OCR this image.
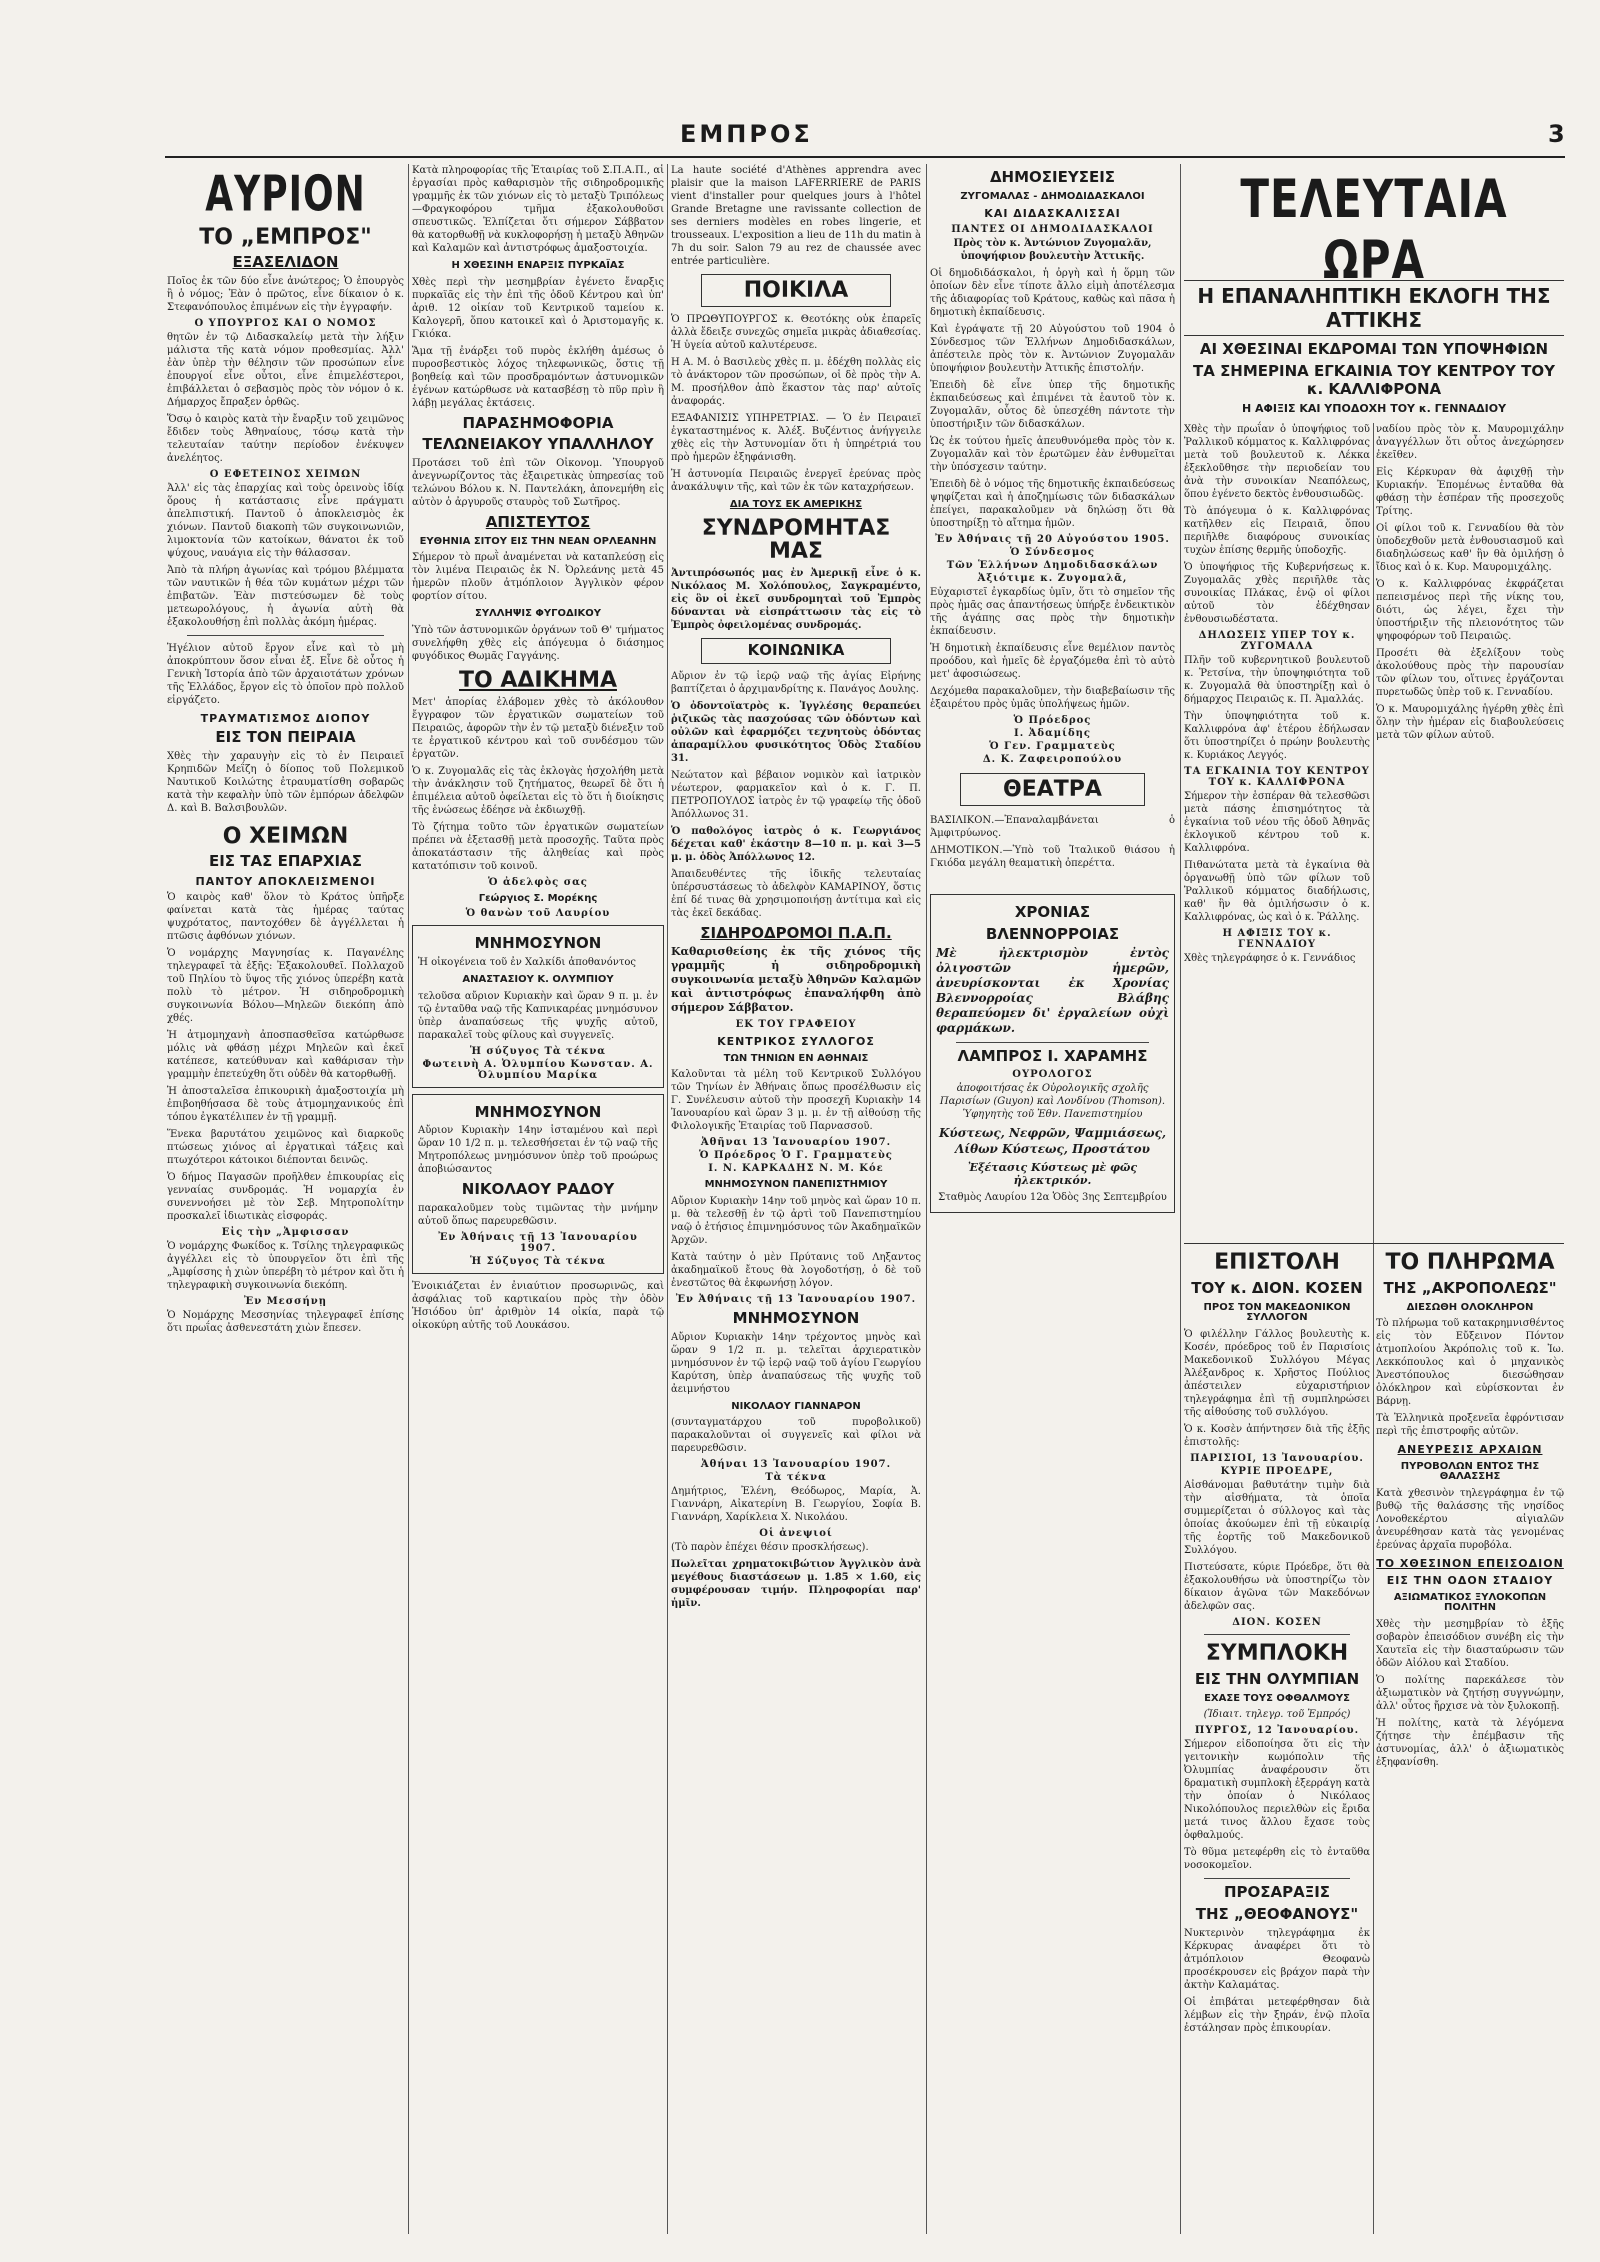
ΕΜΠΡΟΣ	3
ΑΥΡΙΟΝ
ΤΟ „ΕΜΠΡΟΣ"
ΕΞΑΣΕΛΙΔΟΝ

Ποῖος ἐκ τῶν δύο εἶνε ἀνώτερος; Ὁ ἐπουργὸς ἢ ὁ νόμος; Ἐὰν ὁ πρῶτος, εἶνε δίκαιον ὁ κ. Στεφανόπουλος ἐπιμένων εἰς τὴν ἐγγραφήν.

Ο ΥΠΟΥΡΓΟΣ ΚΑΙ Ο ΝΟΜΟΣ

θητῶν ἐν τῷ Διδασκαλείῳ μετὰ τὴν λήξιν μάλιστα τῆς κατὰ νόμον προθεσμίας. Ἀλλ' ἐὰν ὑπὲρ τὴν θέλησιν τῶν προσώπων εἶνε ἐπουργοί εἶνε οὗτοι, εἶνε ἐπιμελέστεροι, ἐπιβάλλεται ὁ σεβασμὸς πρὸς τὸν νόμον ὁ κ. Δήμαρχος ἔπραξεν ὀρθῶς.

Ὅσῳ ὁ καιρὸς κατὰ τὴν ἔναρξιν τοῦ χειμῶνος ἔδιδεν τοὺς Ἀθηναίους, τόσῳ κατὰ τὴν τελευταίαν ταύτην περίοδον ἐνέκυψεν ἀνελέητος.

Ο ΕΦΕΤΕΙΝΟΣ ΧΕΙΜΩΝ

Ἀλλ' εἰς τὰς ἐπαρχίας καὶ τοὺς ὀρεινοὺς ἰδίᾳ ὅρους ἡ κατάστασις εἶνε πράγματι ἀπελπιστική. Παντοῦ ὁ ἀποκλεισμὸς ἐκ χιόνων. Παντοῦ διακοπὴ τῶν συγκοινωνιῶν, λιμοκτονία τῶν κατοίκων, θάνατοι ἐκ τοῦ ψύχους, ναυάγια εἰς τὴν θάλασσαν.

Ἀπὸ τὰ πλήρη ἀγωνίας καὶ τρόμου βλέμματα τῶν ναυτικῶν ἡ θέα τῶν κυμάτων μέχρι τῶν ἐπιβατῶν. Ἐὰν πιστεύσωμεν δὲ τοὺς μετεωρολόγους, ἡ ἀγωνία αὐτὴ θὰ ἐξακολουθήσῃ ἐπὶ πολλὰς ἀκόμη ἡμέρας.

Ἡγέλιον αὐτοῦ ἔργον εἶνε καὶ τὸ μὴ ἀποκρύπτουν ὅσον εἶναι ἐξ. Εἶνε δὲ οὗτος ἡ Γενικὴ Ἱστορία ἀπὸ τῶν ἀρχαιοτάτων χρόνων τῆς Ἑλλάδος, ἔργον εἰς τὸ ὁποῖον πρὸ πολλοῦ εἰργάζετο.

ΤΡΑΥΜΑΤΙΣΜΟΣ ΔΙΟΠΟΥ
ΕΙΣ ΤΟΝ ΠΕΙΡΑΙΑ

Χθὲς τὴν χαραυγὴν εἰς τὸ ἐν Πειραιεῖ Κρηπιδῶν Μεΐζη ὁ δίοπος τοῦ Πολεμικοῦ Ναυτικοῦ Κοιλώτης ἐτραυματίσθη σοβαρῶς κατὰ τὴν κεφαλὴν ὑπὸ τῶν ἐμπόρων ἀδελφῶν Δ. καὶ Β. Βαλσιβουλῶν.

Ο ΧΕΙΜΩΝ
ΕΙΣ ΤΑΣ ΕΠΑΡΧΙΑΣ
ΠΑΝΤΟΥ ΑΠΟΚΛΕΙΣΜΕΝΟΙ

Ὁ καιρὸς καθ' ὅλον τὸ Κράτος ὑπῆρξε φαίνεται κατὰ τὰς ἡμέρας ταύτας ψυχρότατος, παντοχόθεν δὲ ἀγγέλλεται ἡ πτῶσις ἀφθόνων χιόνων.

Ὁ νομάρχης Μαγνησίας κ. Παγανέλης τηλεγραφεῖ τὰ ἑξῆς: Ἐξακολουθεῖ. Πολλαχοῦ τοῦ Πηλίου τὸ ὕψος τῆς χιόνος ὑπερέβη κατὰ πολὺ τὸ μέτρον. Ἡ σιδηροδρομικὴ συγκοινωνία Βόλου—Μηλεῶν διεκόπη ἀπὸ χθές.

Ἡ ἀτμομηχανὴ ἀποσπασθεῖσα κατώρθωσε μόλις νὰ φθάσῃ μέχρι Μηλεῶν καὶ ἐκεῖ κατέπεσε, κατεύθυναν καὶ καθάρισαν τὴν γραμμὴν ἐπετεύχθη ὅτι οὐδὲν θὰ κατορθωθῇ.

Ἡ ἀποσταλεῖσα ἐπικουρικὴ ἀμαξοστοιχία μὴ ἐπιβοηθήσασα δὲ τοὺς ἀτμομηχανικούς ἐπὶ τόπου ἐγκατέλιπεν ἐν τῇ γραμμῇ.

Ἕνεκα βαρυτάτου χειμῶνος καὶ διαρκοῦς πτώσεως χιόνος αἱ ἐργατικαὶ τάξεις καὶ πτωχότεροι κάτοικοι διέπονται δεινῶς.

Ὁ δήμος Παγασῶν προῆλθεν ἐπικουρίας εἰς γενναίας συνδρομάς. Ἡ νομαρχία ἐν συνεννοήσει μὲ τὸν Σεβ. Μητροπολίτην προσκαλεῖ ἰδιωτικὰς εἰσφοράς.

Εἰς τὴν „Ἀμφισσαν

Ὁ νομάρχης Φωκίδος κ. Τσίλης τηλεγραφικῶς ἀγγέλλει εἰς τὸ ὑπουργεῖον ὅτι ἐπὶ τῆς „Ἀμφίσσης ἡ χιὼν ὑπερέβη τὸ μέτρον καὶ ὅτι ἡ τηλεγραφικὴ συγκοινωνία διεκόπη.

Ἐν Μεσσήνῃ

Ὁ Νομάρχης Μεσσηνίας τηλεγραφεῖ ἐπίσης ὅτι πρωΐας ἀσθενεστάτη χιὼν ἔπεσεν.

Κατὰ πληροφορίας τῆς Ἑταιρίας τοῦ Σ.Π.Α.Π., αἱ ἐργασίαι πρὸς καθαρισμὸν τῆς σιδηροδρομικῆς γραμμῆς ἐκ τῶν χιόνων εἰς τὸ μεταξὺ Τριπόλεως—Φραγκοφόρου τμῆμα ἐξακολουθοῦσι σπευστικῶς. Ἐλπίζεται ὅτι σήμερον Σάββατον θὰ κατορθωθῇ νὰ κυκλοφορήσῃ ἡ μεταξὺ Ἀθηνῶν καὶ Καλαμῶν καὶ ἀντιστρόφως ἀμαξοστοιχία.

Η ΧΘΕΣΙΝΗ ΕΝΑΡΞΙΣ ΠΥΡΚΑΪΑΣ

Χθὲς περὶ τὴν μεσημβρίαν ἐγένετο ἔναρξις πυρκαϊᾶς εἰς τὴν ἐπὶ τῆς ὁδοῦ Κέντρου καὶ ὑπ' ἀριθ. 12 οἰκίαν τοῦ Κεντρικοῦ ταμείου κ. Καλογερῆ, ὅπου κατοικεῖ καὶ ὁ Ἀριστομαγῆς κ. Γκιόκα.

Ἅμα τῇ ἐνάρξει τοῦ πυρὸς ἐκλήθη ἀμέσως ὁ πυροσβεστικὸς λόχος τηλεφωνικῶς, ὅστις τῇ βοηθείᾳ καὶ τῶν προσδραμόντων ἀστυνομικῶν ἐγένων κατώρθωσε νὰ κατασβέσῃ τὸ πῦρ πρὶν ἢ λάβῃ μεγάλας ἐκτάσεις.

ΠΑΡΑΣΗΜΟΦΟΡΙΑ
ΤΕΛΩΝΕΙΑΚΟΥ ΥΠΑΛΛΗΛΟΥ

Προτάσει τοῦ ἐπὶ τῶν Οἰκονομ. Ὑπουργοῦ ἀνεγνωρίζοντος τὰς ἐξαιρετικὰς ὑπηρεσίας τοῦ τελώνου Βόλου κ. Ν. Παντελάκη, ἀπονεμήθη εἰς αὐτὸν ὁ ἀργυροῦς σταυρὸς τοῦ Σωτῆρος.

ΑΠΙΣΤΕΥΤΟΣ
ΕΥΘΗΝΙΑ ΣΙΤΟΥ ΕΙΣ ΤΗΝ ΝΕΑΝ ΟΡΛΕΑΝΗΝ

Σήμερον τὸ πρωῒ ἀναμένεται νὰ καταπλεύσῃ εἰς τὸν λιμένα Πειραιῶς ἐκ Ν. Ὀρλεάνης μετὰ 45 ἡμερῶν πλοῦν ἀτμόπλοιον Ἀγγλικὸν φέρον φορτίον σίτου.

ΣΥΛΛΗΨΙΣ ΦΥΓΟΔΙΚΟΥ

Ὑπὸ τῶν ἀστυνομικῶν ὀργάνων τοῦ Θ' τμήματος συνελήφθη χθὲς εἰς ἀπόγευμα ὁ διάσημος φυγόδικος Θωμᾶς Γαγγάνης.

ΤΟ ΑΔΙΚΗΜΑ

Μετ' ἀπορίας ἐλάβομεν χθὲς τὸ ἀκόλουθον ἔγγραφον τῶν ἐργατικῶν σωματείων τοῦ Πειραιῶς, ἀφορῶν τὴν ἐν τῷ μεταξὺ διένεξιν τοῦ τε ἐργατικοῦ κέντρου καὶ τοῦ συνδέσμου τῶν ἐργατῶν.

Ὁ κ. Ζυγομαλᾶς εἰς τὰς ἐκλογὰς ἡσχολήθη μετὰ τὴν ἀνάκλησιν τοῦ ζητήματος, θεωρεῖ δὲ ὅτι ἡ ἐπιμέλεια αὐτοῦ ὀφείλεται εἰς τὸ ὅτι ἡ διοίκησις τῆς ἑνώσεως ἐδέησε νὰ ἐκδιωχθῇ.

Τὸ ζήτημα τοῦτο τῶν ἐργατικῶν σωματείων πρέπει νὰ ἐξετασθῇ μετὰ προσοχῆς. Ταῦτα πρὸς ἀποκατάστασιν τῆς ἀληθείας καὶ πρὸς κατατόπισιν τοῦ κοινοῦ.

Ὁ ἀδελφὸς σας
Γεώργιος Σ. Μορέκης
Ὁ θανὼν τοῦ Λαυρίου
ΜΝΗΜΟΣΥΝΟΝ

Ἡ οἰκογένεια τοῦ ἐν Χαλκίδι ἀποθανόντος

ΑΝΑΣΤΑΣΙΟΥ Κ. ΟΛΥΜΠΙΟΥ

τελοῦσα αὔριον Κυριακὴν καὶ ὥραν 9 π. μ. ἐν τῷ ἐνταῦθα ναῷ τῆς Καπνικαρέας μνημόσυνον ὑπὲρ ἀναπαύσεως τῆς ψυχῆς αὐτοῦ, παρακαλεῖ τοὺς φίλους καὶ συγγενεῖς.

Ἡ σύζυγος Τὰ τέκνα
Φωτεινὴ Α. Ὀλυμπίου Κωνσταν. Α. Ὀλυμπίου Μαρίκα
ΜΝΗΜΟΣΥΝΟΝ

Αὔριον Κυριακὴν 14ην ἱσταμένου καὶ περὶ ὥραν 10 1/2 π. μ. τελεσθήσεται ἐν τῷ ναῷ τῆς Μητροπόλεως μνημόσυνον ὑπὲρ τοῦ προώρως ἀποβιώσαντος

ΝΙΚΟΛΑΟΥ ΡΑΔΟΥ

παρακαλοῦμεν τοὺς τιμῶντας τὴν μνήμην αὐτοῦ ὅπως παρευρεθῶσιν.

Ἐν Ἀθήναις τῇ 13 Ἰανουαρίου 1907.
Ἡ Σύζυγος Τὰ τέκνα

Ἐνοικιάζεται ἐν ἐνιαύτιον προσωρινῶς, καὶ ἀσφάλιας τοῦ καρτικαίου πρὸς τὴν ὁδὸν Ἡσιόδου ὑπ' ἀριθμὸν 14 οἰκία, παρὰ τῷ οἰκοκύρη αὐτῆς τοῦ Λουκάσου.

La haute société d'Athènes apprendra avec plaisir que la maison LAFERRIERE de PARIS vient d'installer pour quelques jours à l'hôtel Grande Bretagne une ravissante collection de ses derniers modèles en robes lingerie, et trousseaux. L'exposition a lieu de 11h du matin à 7h du soir. Salon 79 au rez de chaussée avec entrée particulière.

ΠΟΙΚΙΛΑ

Ὁ ΠΡΩΘΥΠΟΥΡΓΟΣ κ. Θεοτόκης οὐκ ἐπαρεῖς ἀλλὰ ἔδειξε συνεχῶς σημεῖα μικρὰς ἀδιαθεσίας. Ἡ ὑγεία αὐτοῦ καλυτέρευσε.

Η Α. Μ. ὁ Βασιλεὺς χθὲς π. μ. ἐδέχθη πολλὰς εἰς τὸ ἀνάκτορον τῶν προσώπων, οἱ δὲ πρὸς τὴν Α. Μ. προσήλθον ἀπὸ ἕκαστον τὰς παρ' αὐτοῖς ἀναφοράς.

ΕΞΑΦΑΝΙΣΙΣ ΥΠΗΡΕΤΡΙΑΣ. — Ὁ ἐν Πειραιεῖ ἐγκαταστημένος κ. Ἀλέξ. Βυζέντιος ἀνήγγειλε χθὲς εἰς τὴν Ἀστυνομίαν ὅτι ἡ ὑπηρέτριά του πρὸ ἡμερῶν ἐξηφάνισθη.

Ἡ ἀστυνομία Πειραιῶς ἐνεργεῖ ἐρεύνας πρὸς ἀνακάλυψιν τῆς, καὶ τῶν ἐκ τῶν καταχρήσεων.

ΔΙΑ ΤΟΥΣ ΕΚ ΑΜΕΡΙΚΗΣ
ΣΥΝΔΡΟΜΗΤΑΣ ΜΑΣ

Ἀντιπρόσωπός μας ἐν Ἀμερικῇ εἶνε ὁ κ. Νικόλαος Μ. Χολόπουλος, Σαγκραμέντο, εἰς ὃν οἱ ἐκεῖ συνδρομηταὶ τοῦ Ἐμπρὸς δύνανται νὰ εἰσπράττωσιν τὰς εἰς τὸ Ἐμπρὸς ὀφειλομένας συνδρομάς.

ΚΟΙΝΩΝΙΚΑ

Αὔριον ἐν τῷ ἱερῷ ναῷ τῆς ἁγίας Εἰρήνης βαπτίζεται ὁ ἀρχιμανδρίτης κ. Πανάγος Δουλης.

Ὁ ὀδοντοϊατρὸς κ. Ἰγγλέσης θεραπεύει ῥιζικῶς τὰς πασχούσας τῶν ὀδόντων καὶ οὐλῶν καὶ ἐφαρμόζει τεχνητοὺς ὀδόντας ἀπαραμίλλου φυσικότητος Ὁδὸς Σταδίου 31.

Νεώτατον καὶ βέβαιον νομικὸν καὶ ἰατρικὸν νέωτερον, φαρμακεῖον καὶ ὁ κ. Γ. Π. ΠΕΤΡΟΠΟΥΛΟΣ ἰατρὸς ἐν τῷ γραφείῳ τῆς ὁδοῦ Ἀπόλλωνος 31.

Ὁ παθολόγος ἰατρὸς ὁ κ. Γεωργιάνος δέχεται καθ' ἑκάστην 8—10 π. μ. καὶ 3—5 μ. μ. ὁδὸς Ἀπόλλωνος 12.

Ἀπαιδευθέντες τῆς ἰδικῆς τελευταίας ὑπέρσυστάσεως τὸ ἀδελφὸν ΚΑΜΑΡΙΝΟΥ, ὅστις ἐπί δέ τινας θὰ χρησιμοποιήσῃ ἀντίτιμα καὶ εἰς τὰς ἐκεῖ δεκάδας.

ΣΙΔΗΡΟΔΡΟΜΟΙ Π.Α.Π.

Καθαρισθείσης ἐκ τῆς χιόνος τῆς γραμμῆς ἡ σιδηροδρομικὴ συγκοινωνία μεταξὺ Ἀθηνῶν Καλαμῶν καὶ ἀντιστρόφως ἐπαναλήφθη ἀπὸ σήμερον Σάββατον.

ΕΚ ΤΟΥ ΓΡΑΦΕΙΟΥ
ΚΕΝΤΡΙΚΟΣ ΣΥΛΛΟΓΟΣ
ΤΩΝ ΤΗΝΙΩΝ ΕΝ ΑΘΗΝΑΙΣ

Καλοῦνται τὰ μέλη τοῦ Κεντρικοῦ Συλλόγου τῶν Τηνίων ἐν Ἀθήναις ὅπως προσέλθωσιν εἰς Γ. Συνέλευσιν αὐτοῦ τὴν προσεχῆ Κυριακὴν 14 Ἰανουαρίου καὶ ὥραν 3 μ. μ. ἐν τῇ αἰθούσῃ τῆς Φιλολογικῆς Ἑταιρίας τοῦ Παρνασσοῦ.

Ἀθῆναι 13 Ἰανουαρίου 1907.
Ὁ Πρόεδρος Ὁ Γ. Γραμματεὺς
Ι. Ν. ΚΑΡΚΑΔΗΣ Ν. Μ. Κόε
ΜΝΗΜΟΣΥΝΟΝ ΠΑΝΕΠΙΣΤΗΜΙΟΥ

Αὔριον Κυριακὴν 14ην τοῦ μηνὸς καὶ ὥραν 10 π. μ. θὰ τελεσθῇ ἐν τῷ ἀρτὶ τοῦ Πανεπιστημίου ναῷ ὁ ἐτήσιος ἐπιμνημόσυνος τῶν Ἀκαδημαϊκῶν Ἀρχῶν.

Κατὰ ταύτην ὁ μὲν Πρύτανις τοῦ Ληξαντος ἀκαδημαϊκοῦ ἔτους θὰ λογοδοτήσῃ, ὁ δὲ τοῦ ἐνεστῶτος θὰ ἐκφωνήσῃ λόγον.

Ἐν Ἀθήναις τῇ 13 Ἰανουαρίου 1907.
ΜΝΗΜΟΣΥΝΟΝ

Αὔριον Κυριακὴν 14ην τρέχοντος μηνὸς καὶ ὥραν 9 1/2 π. μ. τελεῖται ἀρχιερατικὸν μνημόσυνον ἐν τῷ ἱερῷ ναῷ τοῦ ἁγίου Γεωργίου Καρύτση, ὑπὲρ ἀναπαύσεως τῆς ψυχῆς τοῦ ἀειμνήστου

ΝΙΚΟΛΑΟΥ ΓΙΑΝΝΑΡΟΝ

(συνταγματάρχου τοῦ πυροβολικοῦ) παρακαλοῦνται οἱ συγγενεῖς καὶ φίλοι νὰ παρευρεθῶσιν.

Ἀθήναι 13 Ἰανουαρίου 1907.
Τὰ τέκνα

Δημήτριος, Ἐλένη, Θεόδωρος, Μαρία, Ἀ. Γιαννάρη, Αἰκατερίνη Β. Γεωργίου, Σοφία Β. Γιαννάρη, Χαρίκλεια Χ. Νικολάου.

Οἱ ἀνεψιοί

(Τὸ παρὸν ἐπέχει θέσιν προσκλήσεως).

Πωλεῖται χρηματοκιβώτιον Ἀγγλικὸν ἀνὰ μεγέθους διαστάσεων μ. 1.85 × 1.60, εἰς συμφέρουσαν τιμήν. Πληροφορίαι παρ' ἡμῖν.

ΔΗΜΟΣΙΕΥΣΕΙΣ
ΖΥΓΟΜΑΛΑΣ - ΔΗΜΟΔΙΔΑΣΚΑΛΟΙ
ΚΑΙ ΔΙΔΑΣΚΑΛΙΣΣΑΙ
ΠΑΝΤΕΣ ΟΙ ΔΗΜΟΔΙΔΑΣΚΑΛΟΙ

Πρὸς τὸν κ. Ἀντώνιον Ζυγομαλᾶν, ὑποψήφιον βουλευτὴν Ἀττικῆς.

Οἱ δημοδιδάσκαλοι, ἡ ὀργὴ καὶ ἡ ὅρμη τῶν ὁποίων δὲν εἶνε τίποτε ἄλλο εἰμὴ ἀποτέλεσμα τῆς ἀδιαφορίας τοῦ Κράτους, καθὼς καὶ πᾶσα ἡ δημοτικὴ ἐκπαίδευσις.

Καὶ ἐγράψατε τῇ 20 Αὐγούστου τοῦ 1904 ὁ Σύνδεσμος τῶν Ἑλλήνων Δημοδιδασκάλων, ἀπέστειλε πρὸς τὸν κ. Ἀντώνιον Ζυγομαλᾶν ὑποψήφιον βουλευτὴν Ἀττικῆς ἐπιστολήν.

Ἐπειδὴ δὲ εἶνε ὑπερ τῆς δημοτικῆς ἐκπαιδεύσεως καὶ ἐπιμένει τὰ ἑαυτοῦ τὸν κ. Ζυγομαλᾶν, οὗτος δὲ ὑπεσχέθη πάντοτε τὴν ὑποστήριξιν τῶν διδασκάλων.

Ὡς ἐκ τούτου ἡμεῖς ἀπευθυνόμεθα πρὸς τὸν κ. Ζυγομαλᾶν καὶ τὸν ἐρωτῶμεν ἐὰν ἐνθυμεῖται τὴν ὑπόσχεσιν ταύτην.

Ἐπειδὴ δὲ ὁ νόμος τῆς δημοτικῆς ἐκπαιδεύσεως ψηφίζεται καὶ ἡ ἀποζημίωσις τῶν διδασκάλων ἐπείγει, παρακαλοῦμεν νὰ δηλώσῃ ὅτι θὰ ὑποστηρίξῃ τὸ αἴτημα ἡμῶν.

Ἐν Ἀθήναις τῇ 20 Αὐγούστου 1905.
Ὁ Σύνδεσμος
Τῶν Ἑλλήνων Δημοδιδασκάλων
Ἀξιότιμε κ. Ζυγομαλᾶ,

Εὐχαριστεῖ ἐγκαρδίως ὑμῖν, ὅτι τὸ σημεῖον τῆς πρὸς ἡμᾶς σας ἀπαντήσεως ὑπήρξε ἐνδεικτικὸν τῆς ἀγάπης σας πρὸς τὴν δημοτικὴν ἐκπαίδευσιν.

Ἡ δημοτικὴ ἐκπαίδευσις εἶνε θεμέλιον παντὸς προόδου, καὶ ἡμεῖς δὲ ἐργαζόμεθα ἐπὶ τὸ αὐτὸ μετ' ἀφοσιώσεως.

Δεχόμεθα παρακαλοῦμεν, τὴν διαβεβαίωσιν τῆς ἐξαιρέτου πρὸς ὑμᾶς ὑπολήψεως ἡμῶν.

Ὁ Πρόεδρος
Ι. Ἀδαμίδης
Ὁ Γεν. Γραμματεὺς
Δ. Κ. Ζαφειροπούλου
ΘΕΑΤΡΑ

ΒΑΣΙΛΙΚΟΝ.—Ἐπαναλαμβάνεται ὁ Ἀμφιτρύωνος.

ΔΗΜΟΤΙΚΟΝ.—Ὑπὸ τοῦ Ἰταλικοῦ θιάσου ἡ Γκιόδα μεγάλη θεαματικὴ ὀπερέττα.

ΧΡΟΝΙΑΣ
ΒΛΕΝΝΟΡΡΟΙΑΣ

Μὲ ἠλεκτρισμὸν ἐντὸς ὀλιγοστῶν ἡμερῶν, ἀνευρίσκονται ἐκ Χρονίας Βλεννορροίας Βλάβης θεραπεύομεν δι' ἐργαλείων οὐχὶ φαρμάκων.

ΛΑΜΠΡΟΣ Ι. ΧΑΡΑΜΗΣ
ΟΥΡΟΛΟΓΟΣ

ἀποφοιτήσας ἐκ Οὐρολογικῆς σχολῆς Παρισίων (Guyon) καὶ Λονδίνου (Thomson). Ὑφηγητὴς τοῦ Ἐθν. Πανεπιστημίου

Κύστεως, Νεφρῶν, Ψαμμιάσεως, Λίθων Κύστεως, Προστάτου

Ἐξέτασις Κύστεως μὲ φῶς ἠλεκτρικόν.

Σταθμὸς Λαυρίου 12α Ὁδὸς 3ης Σεπτεμβρίου

ΤΕΛΕΥΤΑΙΑ ΩΡΑ
Η ΕΠΑΝΑΛΗΠΤΙΚΗ ΕΚΛΟΓΗ ΤΗΣ ΑΤΤΙΚΗΣ
ΑΙ ΧΘΕΣΙΝΑΙ ΕΚΔΡΟΜΑΙ ΤΩΝ ΥΠΟΨΗΦΙΩΝ
ΤΑ ΣΗΜΕΡΙΝΑ ΕΓΚΑΙΝΙΑ ΤΟΥ ΚΕΝΤΡΟΥ ΤΟΥ κ. ΚΑΛΛΙΦΡΟΝΑ
Η ΑΦΙΞΙΣ ΚΑΙ ΥΠΟΔΟΧΗ ΤΟΥ κ. ΓΕΝΝΑΔΙΟΥ

Χθὲς τὴν πρωΐαν ὁ ὑποψήφιος τοῦ Ῥαλλικοῦ κόμματος κ. Καλλιφρόνας μετὰ τοῦ βουλευτοῦ κ. Λέκκα ἐξεκλοῦθησε τὴν περιοδείαν του ἀνὰ τὴν συνοικίαν Νεαπόλεως, ὅπου ἐγένετο δεκτὸς ἐνθουσιωδῶς.

Τὸ ἀπόγευμα ὁ κ. Καλλιφρόνας κατῆλθεν εἰς Πειραιᾶ, ὅπου περιῆλθε διαφόρους συνοικίας τυχὼν ἐπίσης θερμῆς ὑποδοχῆς.

Ὁ ὑποψήφιος τῆς Κυβερνήσεως κ. Ζυγομαλᾶς χθὲς περιῆλθε τὰς συνοικίας Πλάκας, ἐνῷ οἱ φίλοι αὐτοῦ τὸν ἐδέχθησαν ἐνθουσιωδέστατα.

ΔΗΛΩΣΕΙΣ ΥΠΕΡ ΤΟΥ κ. ΖΥΓΟΜΑΛΑ

Πλῆν τοῦ κυβερνητικοῦ βουλευτοῦ κ. Ῥετσίνα, τὴν ὑποψηφιότητα τοῦ κ. Ζυγομαλᾶ θὰ ὑποστηρίξῃ καὶ ὁ δήμαρχος Πειραιῶς κ. Π. Ἀμαλλάς.

Τὴν ὑποψηφιότητα τοῦ κ. Καλλιφρόνα ἀφ' ἑτέρου ἐδήλωσαν ὅτι ὑποστηρίζει ὁ πρώην βουλευτὴς κ. Κυριάκος Λεγγός.

ΤΑ ΕΓΚΑΙΝΙΑ ΤΟΥ ΚΕΝΤΡΟΥ ΤΟΥ κ. ΚΑΛΛΙΦΡΟΝΑ

Σήμερον τὴν ἑσπέραν θὰ τελεσθῶσι μετὰ πάσης ἐπισημότητος τὰ ἐγκαίνια τοῦ νέου τῆς ὁδοῦ Ἀθηνᾶς ἐκλογικοῦ κέντρου τοῦ κ. Καλλιφρόνα.

Πιθανώτατα μετὰ τὰ ἐγκαίνια θὰ ὀργανωθῇ ὑπὸ τῶν φίλων τοῦ Ῥαλλικοῦ κόμματος διαδήλωσις, καθ' ἣν θὰ ὁμιλήσωσιν ὁ κ. Καλλιφρόνας, ὡς καὶ ὁ κ. Ῥάλλης.

Η ΑΦΙΞΙΣ ΤΟΥ κ. ΓΕΝΝΑΔΙΟΥ

Χθὲς τηλεγράφησε ὁ κ. Γεννάδιος

ναδίου πρὸς τὸν κ. Μαυρομιχάλην ἀναγγέλλων ὅτι οὗτος ἀνεχώρησεν ἐκεῖθεν.

Εἰς Κέρκυραν θὰ ἀφιχθῇ τὴν Κυριακήν. Ἐπομένως ἐνταῦθα θὰ φθάσῃ τὴν ἑσπέραν τῆς προσεχοῦς Τρίτης.

Οἱ φίλοι τοῦ κ. Γενναδίου θὰ τὸν ὑποδεχθοῦν μετὰ ἐνθουσιασμοῦ καὶ διαδηλώσεως καθ' ἣν θὰ ὁμιλήσῃ ὁ ἴδιος καὶ ὁ κ. Κυρ. Μαυρομιχάλης.

Ὁ κ. Καλλιφρόνας ἐκφράζεται πεπεισμένος περὶ τῆς νίκης του, διότι, ὡς λέγει, ἔχει τὴν ὑποστήριξιν τῆς πλειονότητος τῶν ψηφοφόρων τοῦ Πειραιῶς.

Προσέτι θὰ ἐξελίξουν τοὺς ἀκολούθους πρὸς τὴν παρουσίαν τῶν φίλων του, οἵτινες ἐργάζονται πυρετωδῶς ὑπὲρ τοῦ κ. Γενναδίου.

Ὁ κ. Μαυρομιχάλης ἡγέρθη χθὲς ἐπὶ ὅλην τὴν ἡμέραν εἰς διαβουλεύσεις μετὰ τῶν φίλων αὐτοῦ.

ΕΠΙΣΤΟΛΗ
ΤΟΥ κ. ΔΙΟΝ. ΚΟΣΕΝ
ΠΡΟΣ ΤΟΝ ΜΑΚΕΔΟΝΙΚΟΝ ΣΥΛΛΟΓΟΝ

Ὁ φιλέλλην Γάλλος βουλευτὴς κ. Κοσέν, πρόεδρος τοῦ ἐν Παρισίοις Μακεδονικοῦ Συλλόγου Μέγας Ἀλέξανδρος κ. Χρῆστος Πούλιος ἀπέστειλεν εὐχαριστήριον τηλεγράφημα ἐπὶ τῇ συμπληρώσει τῆς αἰθούσης τοῦ συλλόγου.

Ὁ κ. Κοσὲν ἀπήντησεν διὰ τῆς ἑξῆς ἐπιστολῆς:

ΠΑΡΙΣΙΟΙ, 13 Ἰανουαρίου.
ΚΥΡΙΕ ΠΡΟΕΔΡΕ,

Αἰσθάνομαι βαθυτάτην τιμὴν διὰ τὴν αἰσθήματα, τὰ ὁποῖα συμμερίζεται ὁ σύλλογος καὶ τὰς ὁποίας ἀκούωμεν ἐπὶ τῇ εὐκαιρίᾳ τῆς ἑορτῆς τοῦ Μακεδονικοῦ Συλλόγου.

Πιστεύσατε, κύριε Πρόεδρε, ὅτι θὰ ἐξακολουθήσω νὰ ὑποστηρίζω τὸν δίκαιον ἀγῶνα τῶν Μακεδόνων ἀδελφῶν σας.

ΔΙΟΝ. ΚΟΣΕΝ
ΣΥΜΠΛΟΚΗ
ΕΙΣ ΤΗΝ ΟΛΥΜΠΙΑΝ
ΕΧΑΣΕ ΤΟΥΣ ΟΦΘΑΛΜΟΥΣ

(Ἰδιαιτ. τηλεγρ. τοῦ Ἐμπρός)

ΠΥΡΓΟΣ, 12 Ἰανουαρίου.

Σήμερον εἰδοποίησα ὅτι εἰς τὴν γειτονικὴν κωμόπολιν τῆς Ὀλυμπίας ἀναφέρουσιν ὅτι δραματικὴ συμπλοκὴ ἐξερράγη κατὰ τὴν ὁποίαν ὁ Νικόλαος Νικολόπουλος περιελθὼν εἰς ἔριδα μετά τινος ἄλλου ἔχασε τοὺς ὀφθαλμούς.

Τὸ θῦμα μετεφέρθη εἰς τὸ ἐνταῦθα νοσοκομεῖον.

ΠΡΟΣΑΡΑΞΙΣ
ΤΗΣ „ΘΕΟΦΑΝΟΥΣ"

Νυκτερινὸν τηλεγράφημα ἐκ Κέρκυρας ἀναφέρει ὅτι τὸ ἀτμόπλοιον Θεοφανὼ προσέκρουσεν εἰς βράχον παρὰ τὴν ἀκτὴν Καλαμάτας.

Οἱ ἐπιβάται μετεφέρθησαν διὰ λέμβων εἰς τὴν ξηράν, ἐνῷ πλοῖα ἐστάλησαν πρὸς ἐπικουρίαν.

ΤΟ ΠΛΗΡΩΜΑ
ΤΗΣ „ΑΚΡΟΠΟΛΕΩΣ"
ΔΙΕΣΩΘΗ ΟΛΟΚΛΗΡΟΝ

Τὸ πλήρωμα τοῦ κατακρημνισθέντος εἰς τὸν Εὔξεινον Πόντον ἀτμοπλοίου Ἀκρόπολις τοῦ κ. Ἰω. Λεκκόπουλος καὶ ὁ μηχανικὸς Ἀνεστόπουλος διεσώθησαν ὁλόκληρον καὶ εὑρίσκονται ἐν Βάρνῃ.

Τὰ Ἑλληνικὰ προξενεῖα ἐφρόντισαν περὶ τῆς ἐπιστροφῆς αὐτῶν.

ΑΝΕΥΡΕΣΙΣ ΑΡΧΑΙΩΝ
ΠΥΡΟΒΟΛΩΝ ΕΝΤΟΣ ΤΗΣ ΘΑΛΑΣΣΗΣ

Κατὰ χθεσινὸν τηλεγράφημα ἐν τῷ βυθῷ τῆς θαλάσσης τῆς νησίδος Λονοθεκέρτου αἰγιαλῶν ἀνευρέθησαν κατὰ τὰς γενομένας ἐρεύνας ἀρχαῖα πυροβόλα.

ΤΟ ΧΘΕΣΙΝΟΝ ΕΠΕΙΣΟΔΙΟΝ
ΕΙΣ ΤΗΝ ΟΔΟΝ ΣΤΑΔΙΟΥ
ΑΞΙΩΜΑΤΙΚΟΣ ΞΥΛΟΚΟΠΩΝ ΠΟΛΙΤΗΝ

Χθὲς τὴν μεσημβρίαν τὸ ἑξῆς σοβαρὸν ἐπεισόδιον συνέβη εἰς τὴν Χαυτεῖα εἰς τὴν διασταύρωσιν τῶν ὁδῶν Αἰόλου καὶ Σταδίου.

Ὁ πολίτης παρεκάλεσε τὸν ἀξιωματικὸν νὰ ζητήσῃ συγγνώμην, ἀλλ' οὗτος ἤρχισε νὰ τὸν ξυλοκοπῇ.

Ἡ πολίτης, κατὰ τὰ λέγόμενα ζήτησε τὴν ἐπέμβασιν τῆς ἀστυνομίας, ἀλλ' ὁ ἀξιωματικὸς ἐξηφανίσθη.
